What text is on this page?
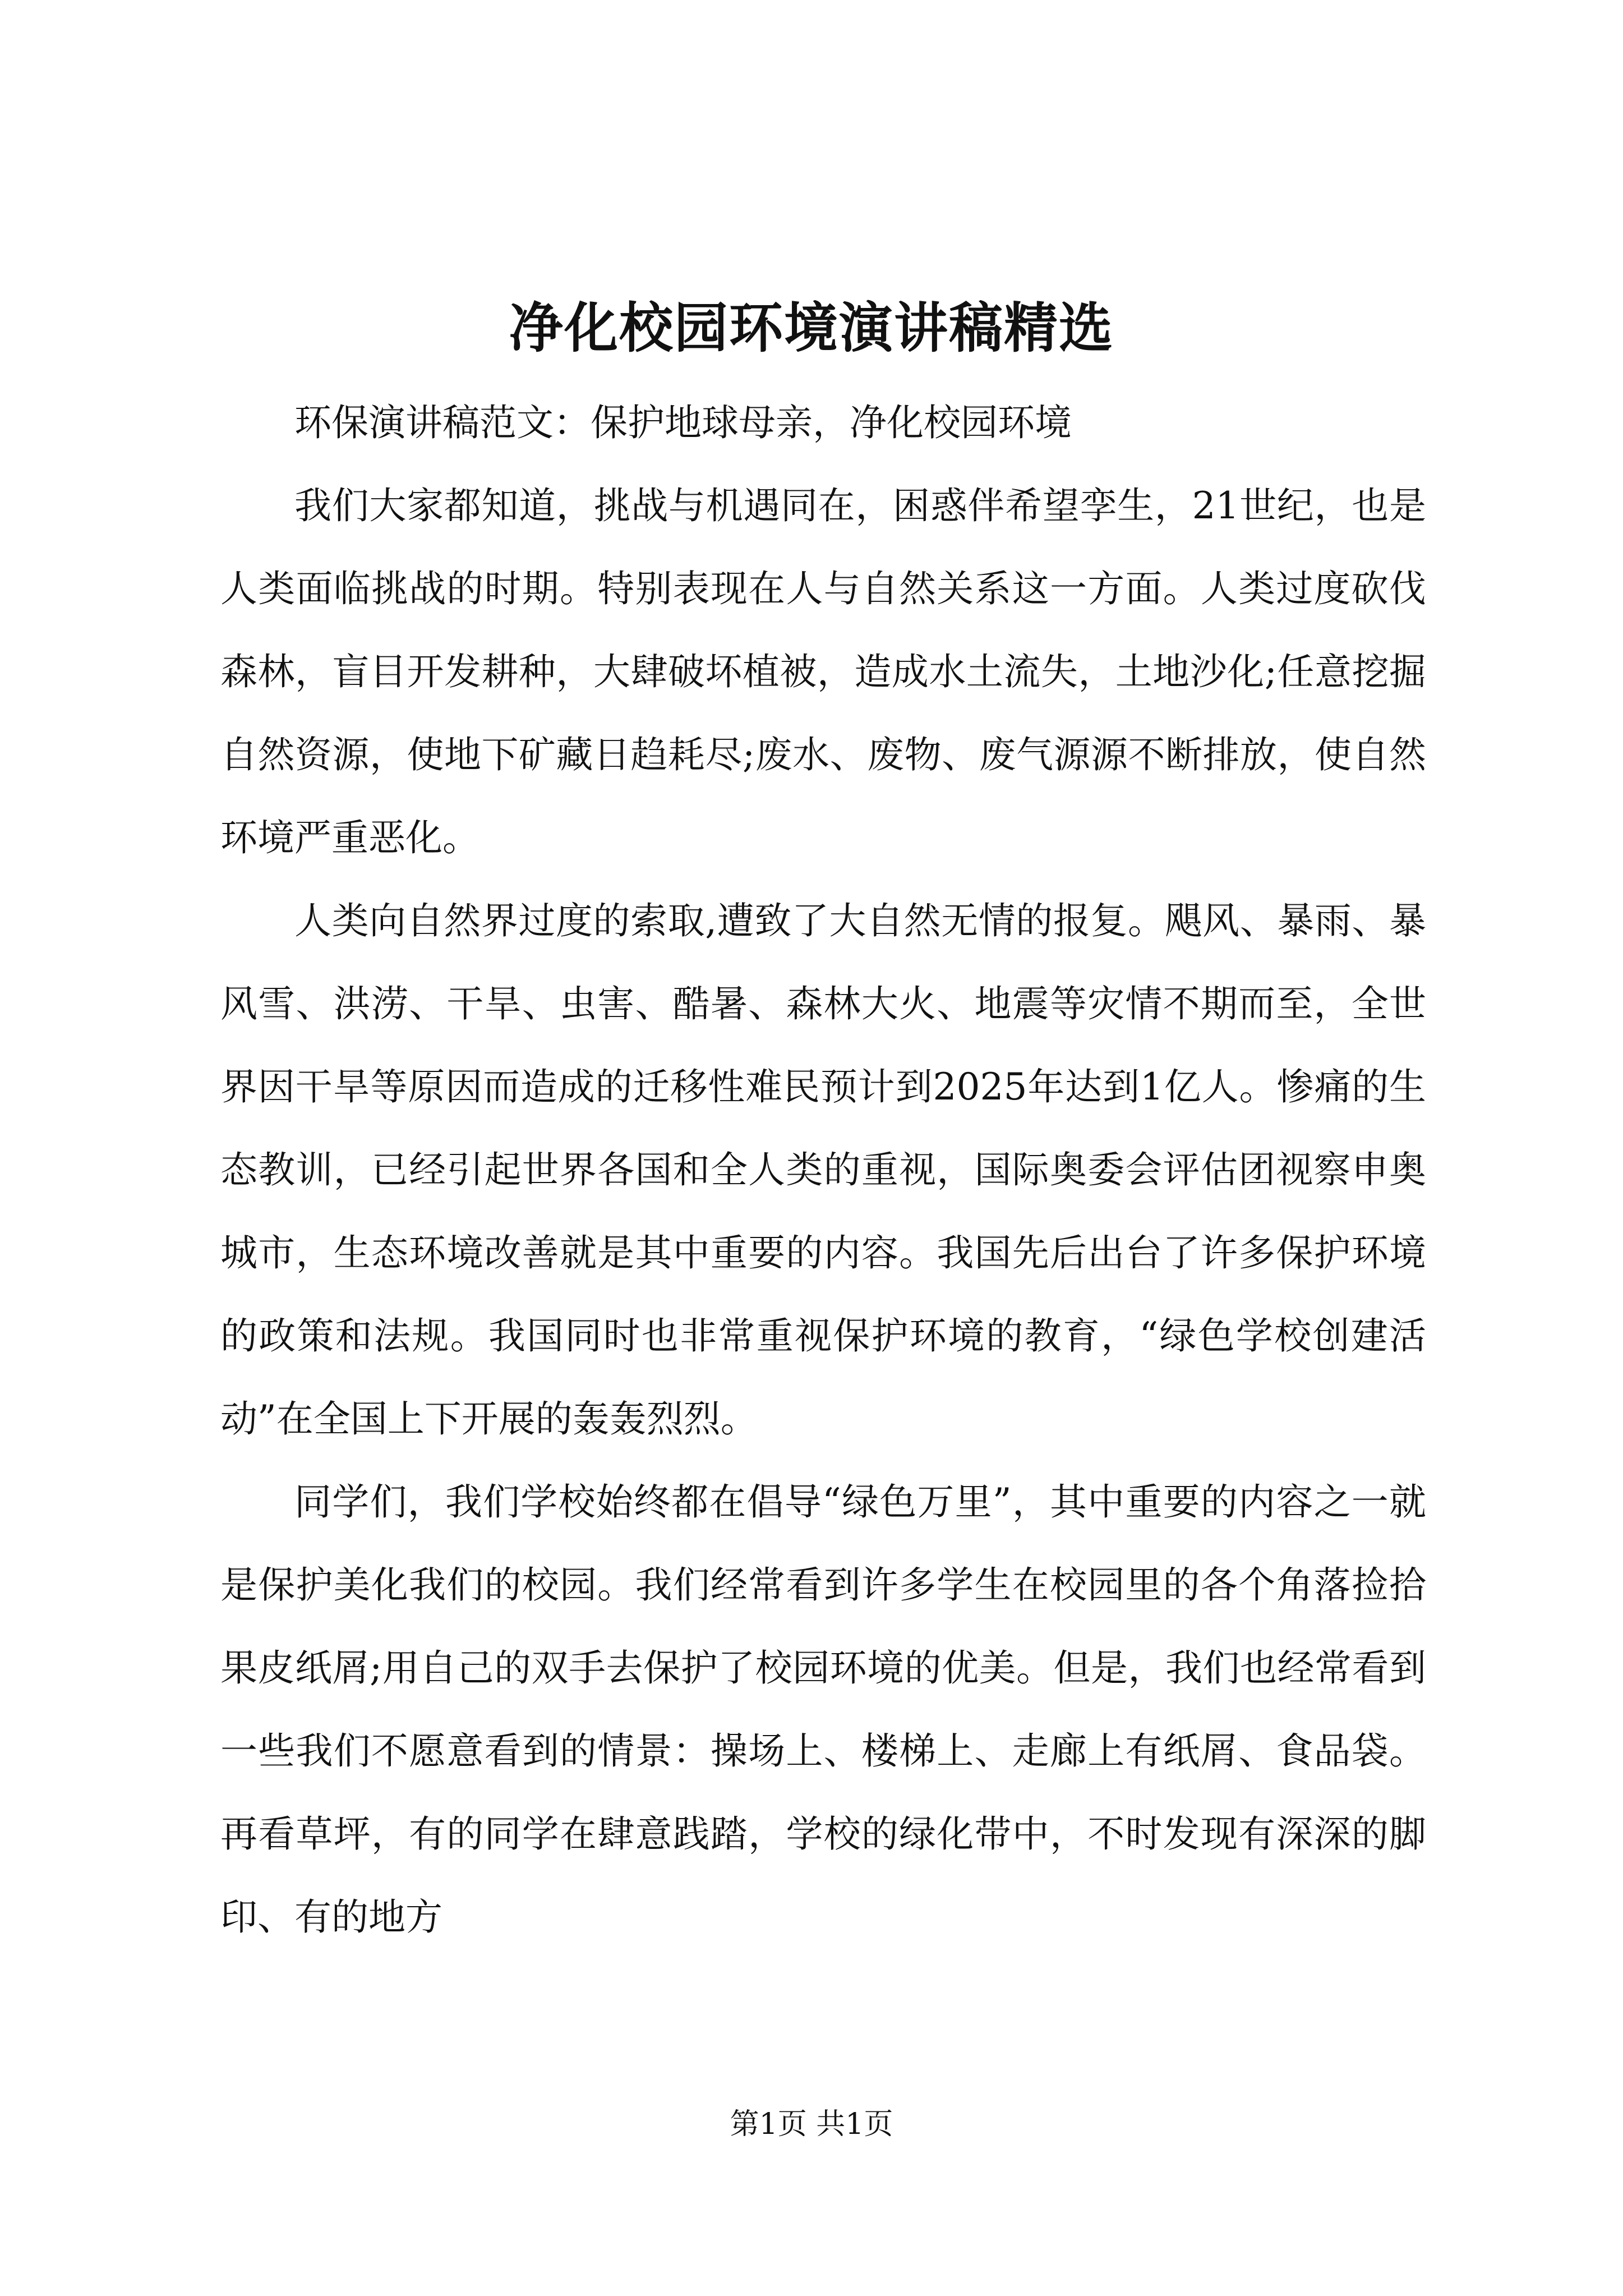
净化校园环境演讲稿精选

环保演讲稿范文：保护地球母亲，净化校园环境

我们大家都知道，挑战与机遇同在，困惑伴希望孪生，21世纪，也是人类面临挑战的时期。特别表现在人与自然关系这一方面。人类过度砍伐森林，盲目开发耕种，大肆破坏植被，造成水土流失，土地沙化;任意挖掘自然资源，使地下矿藏日趋耗尽;废水、废物、废气源源不断排放，使自然环境严重恶化。

人类向自然界过度的索取,遭致了大自然无情的报复。飓风、暴雨、暴风雪、洪涝、干旱、虫害、酷暑、森林大火、地震等灾情不期而至，全世界因干旱等原因而造成的迁移性难民预计到2025年达到1亿人。惨痛的生态教训，已经引起世界各国和全人类的重视，国际奥委会评估团视察申奥城市，生态环境改善就是其中重要的内容。我国先后出台了许多保护环境的政策和法规。我国同时也非常重视保护环境的教育，“绿色学校创建活动”在全国上下开展的轰轰烈烈。

同学们，我们学校始终都在倡导“绿色万里”，其中重要的内容之一就是保护美化我们的校园。我们经常看到许多学生在校园里的各个角落捡拾果皮纸屑;用自己的双手去保护了校园环境的优美。但是，我们也经常看到一些我们不愿意看到的情景：操场上、楼梯上、走廊上有纸屑、食品袋。再看草坪，有的同学在肆意践踏，学校的绿化带中，不时发现有深深的脚印、有的地方

第1页 共1页
